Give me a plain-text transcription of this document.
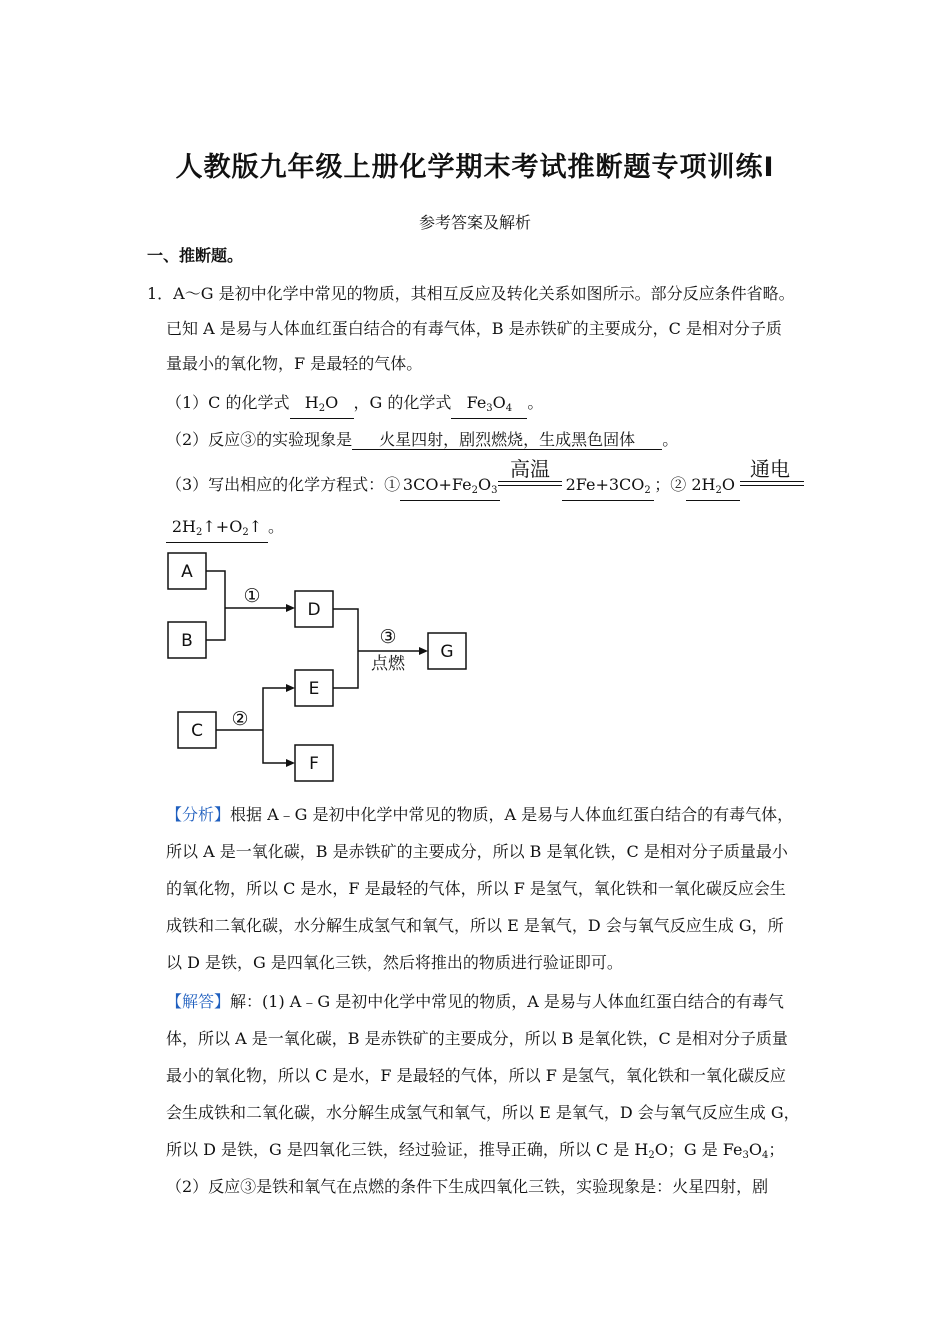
人教版九年级上册化学期末考试推断题专项训练Ⅰ
参考答案及解析
一、推断题。
1．A～G 是初中化学中常见的物质，其相互反应及转化关系如图所示。部分反应条件省略。
已知 A 是易与人体血红蛋白结合的有毒气体，B 是赤铁矿的主要成分，C 是相对分子质
量最小的氧化物，F 是最轻的气体。
（1）C 的化学式 $H_2O$ ，G 的化学式 $Fe_3O_4$ 。
（2）反应③的实验现象是 火星四射，剧烈燃烧，生成黑色固体 。
（3）写出相应的化学方程式：① $3CO+Fe_2O_3$	$2Fe+3CO_2$ ；② $2H_2O$
高温	通电
$2H_2↑+O_2↑$ 。
A
B
C
D
E
F
G
①
②
③
点燃
【分析】根据 A﹣G 是初中化学中常见的物质，A 是易与人体血红蛋白结合的有毒气体，
所以 A 是一氧化碳，B 是赤铁矿的主要成分，所以 B 是氧化铁，C 是相对分子质量最小
的氧化物，所以 C 是水，F 是最轻的气体，所以 F 是氢气，氧化铁和一氧化碳反应会生
成铁和二氧化碳，水分解生成氢气和氧气，所以 E 是氧气，D 会与氧气反应生成 G，所
以 D 是铁，G 是四氧化三铁，然后将推出的物质进行验证即可。
【解答】解：(1) A﹣G 是初中化学中常见的物质，A 是易与人体血红蛋白结合的有毒气
体，所以 A 是一氧化碳，B 是赤铁矿的主要成分，所以 B 是氧化铁，C 是相对分子质量
最小的氧化物，所以 C 是水，F 是最轻的气体，所以 F 是氢气，氧化铁和一氧化碳反应
会生成铁和二氧化碳，水分解生成氢气和氧气，所以 E 是氧气，D 会与氧气反应生成 G，
所以 D 是铁，G 是四氧化三铁，经过验证，推导正确，所以 C 是 $H_2O$；G 是 $Fe_3O_4$；
（2）反应③是铁和氧气在点燃的条件下生成四氧化三铁，实验现象是：火星四射，剧
